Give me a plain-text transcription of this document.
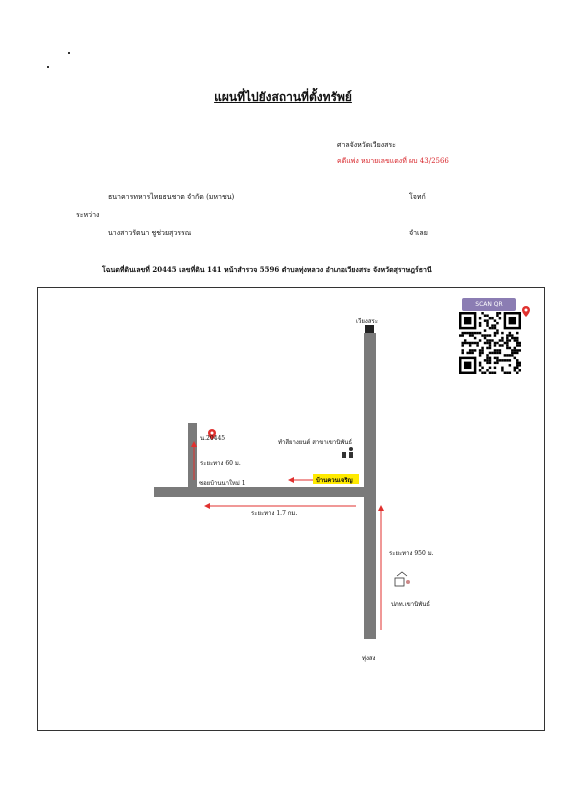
แผนที่ไปยังสถานที่ตั้งทรัพย์
ศาลจังหวัดเวียงสระ
คดีแพ่ง หมายเลขแดงที่ ผบ 43/2566
ธนาคารทหารไทยธนชาต จำกัด (มหาชน)	โจทก์
ระหว่าง
นางสาวรัตนา ชูช่วยสุวรรณ	จำเลย
โฉนดที่ดินเลขที่ 20445 เลขที่ดิน 141 หน้าสำรวจ 5596 ตำบลทุ่งหลวง อำเภอเวียงสระ จังหวัดสุราษฎร์ธานี
เวียงสระ
ทุ่งสง
น.20445
ระยะทาง 60 ม.
ซอยบ้านนาใหม่ 1
ระยะทาง 1.7 กม.
ทำสียางยนต์ สาขาเขานิพันธ์
บ้านควนเจริญ
ระยะทาง 950 ม.
ปภท.เขานิพันธ์
SCAN QR
